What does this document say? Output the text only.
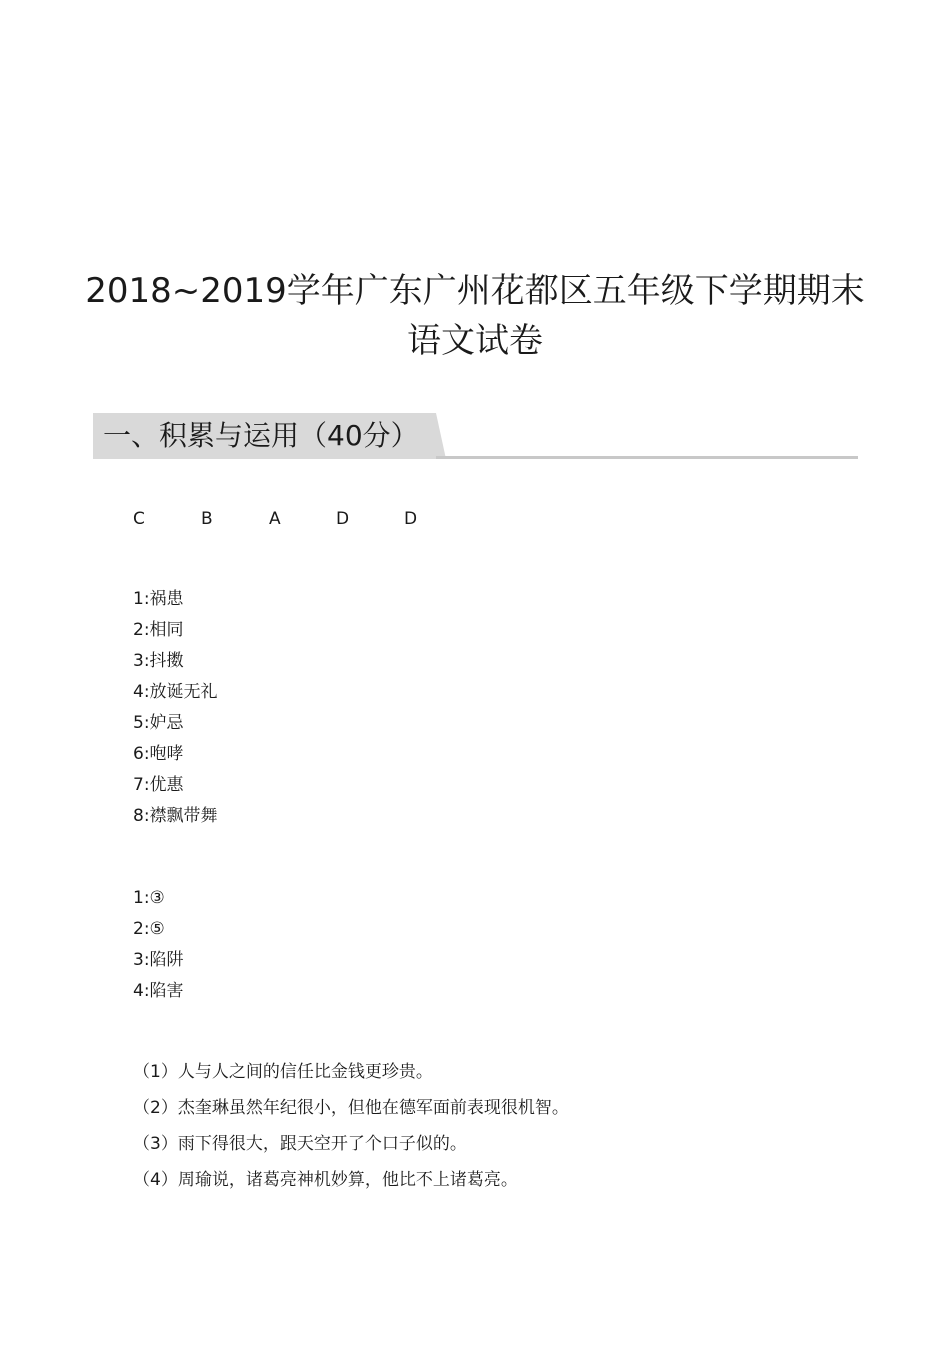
2018~2019学年广东广州花都区五年级下学期期末
语文试卷
一、积累与运用（40分）
C	B	A	D	D
1:祸患
2:相同
3:抖擞
4:放诞无礼
5:妒忌
6:咆哮
7:优惠
8:襟飘带舞
1:③
2:⑤
3:陷阱
4:陷害
（1）人与人之间的信任比金钱更珍贵。
（2）杰奎琳虽然年纪很小，但他在德军面前表现很机智。
（3）雨下得很大，跟天空开了个口子似的。
（4）周瑜说，诸葛亮神机妙算，他比不上诸葛亮。
